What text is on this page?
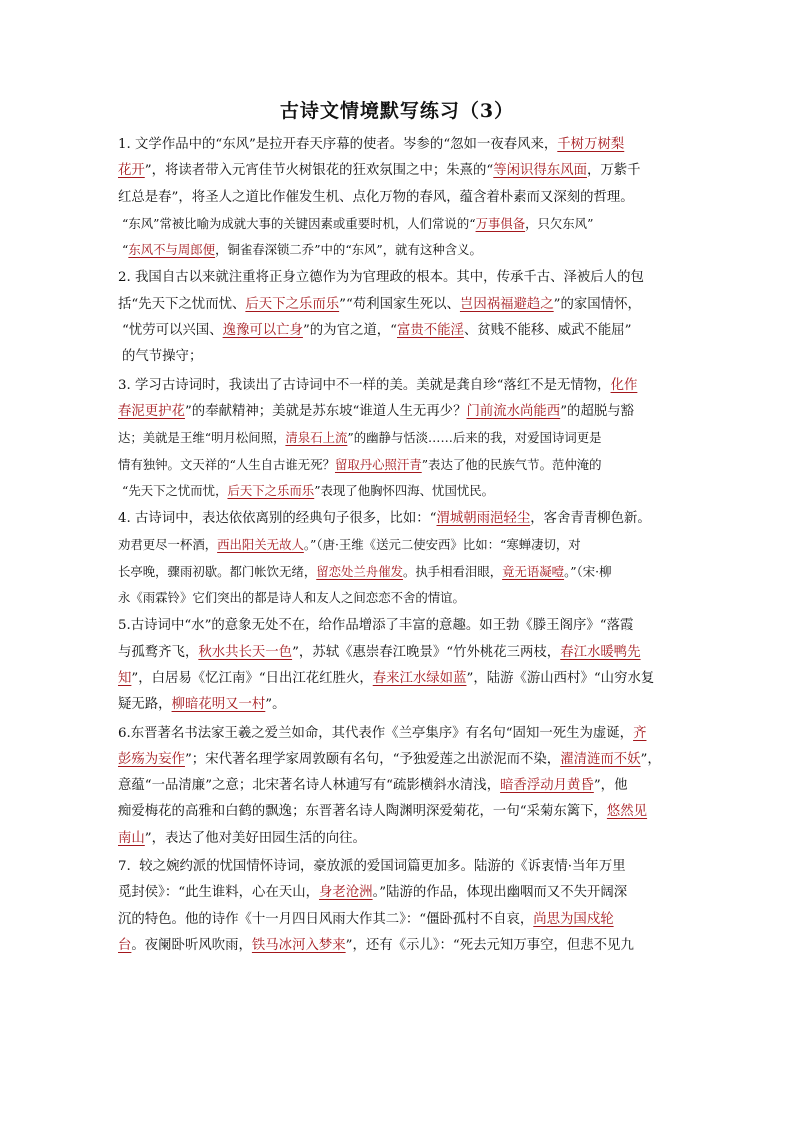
古诗文情境默写练习（3）
1. 文学作品中的“东风”是拉开春天序幕的使者。岑参的“忽如一夜春风来，千树万树梨
花开”，将读者带入元宵佳节火树银花的狂欢氛围之中；朱熹的“等闲识得东风面，万紫千
红总是春”，将圣人之道比作催发生机、点化万物的春风，蕴含着朴素而又深刻的哲理。
“东风”常被比喻为成就大事的关键因素或重要时机，人们常说的“万事俱备，只欠东风”
“东风不与周郎便，铜雀春深锁二乔”中的“东风”，就有这种含义。
2. 我国自古以来就注重将正身立德作为为官理政的根本。其中，传承千古、泽被后人的包
括“先天下之忧而忧、后天下之乐而乐”“苟利国家生死以、岂因祸福避趋之”的家国情怀，
“忧劳可以兴国、逸豫可以亡身”的为官之道，“富贵不能淫、贫贱不能移、威武不能屈”
的气节操守；
3. 学习古诗词时，我读出了古诗词中不一样的美。美就是龚自珍“落红不是无情物，化作
春泥更护花”的奉献精神；美就是苏东坡“谁道人生无再少？门前流水尚能西”的超脱与豁
达；美就是王维“明月松间照，清泉石上流”的幽静与恬淡……后来的我，对爱国诗词更是
情有独钟。文天祥的“人生自古谁无死？留取丹心照汗青”表达了他的民族气节。范仲淹的
“先天下之忧而忧，后天下之乐而乐”表现了他胸怀四海、忧国忧民。
4. 古诗词中，表达依依离别的经典句子很多，比如：“渭城朝雨浥轻尘，客舍青青柳色新。
劝君更尽一杯酒，西出阳关无故人。”（唐·王维《送元二使安西》比如：“寒蝉凄切，对
长亭晚，骤雨初歇。都门帐饮无绪，留恋处兰舟催发。执手相看泪眼，竟无语凝噎。”（宋·柳
永《雨霖铃》它们突出的都是诗人和友人之间恋恋不舍的情谊。
5.古诗词中“水”的意象无处不在，给作品增添了丰富的意趣。如王勃《滕王阁序》“落霞
与孤鹜齐飞，秋水共长天一色”，苏轼《惠崇春江晚景》“竹外桃花三两枝，春江水暖鸭先
知”，白居易《忆江南》“日出江花红胜火，春来江水绿如蓝”，陆游《游山西村》“山穷水复
疑无路，柳暗花明又一村”。
6.东晋著名书法家王羲之爱兰如命，其代表作《兰亭集序》有名句“固知一死生为虚诞，齐
彭殇为妄作”；宋代著名理学家周敦颐有名句，“予独爱莲之出淤泥而不染，濯清涟而不妖”，
意蕴“一品清廉”之意；北宋著名诗人林逋写有“疏影横斜水清浅，暗香浮动月黄昏”，他
痴爱梅花的高雅和白鹤的飘逸；东晋著名诗人陶渊明深爱菊花，一句“采菊东篱下，悠然见
南山”，表达了他对美好田园生活的向往。
7.  较之婉约派的忧国情怀诗词，豪放派的爱国词篇更加多。陆游的《诉衷情·当年万里
觅封侯》：“此生谁料，心在天山，身老沧洲。”陆游的作品，体现出幽咽而又不失开阔深
沉的特色。他的诗作《十一月四日风雨大作其二》：“僵卧孤村不自哀，尚思为国戍轮
台。夜阑卧听风吹雨，铁马冰河入梦来”，还有《示儿》：“死去元知万事空，但悲不见九
